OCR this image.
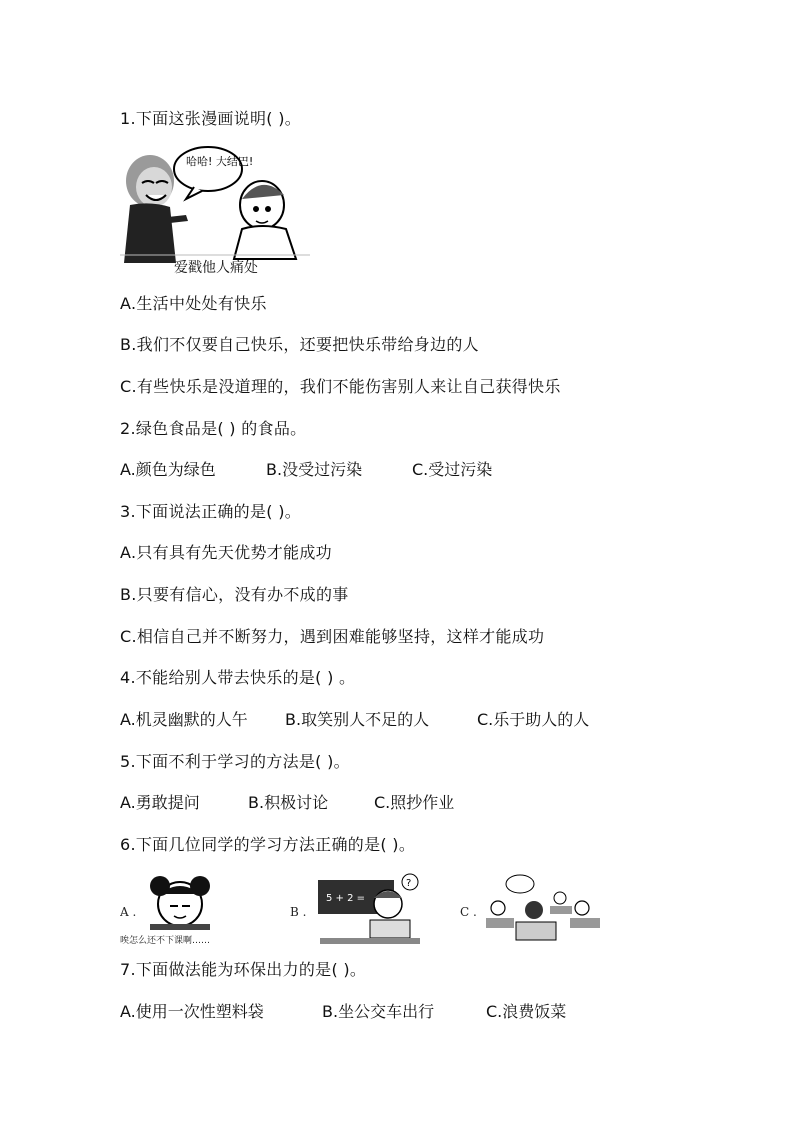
1.下面这张漫画说明( )。
哈哈! 大结巴!
爱戳他人痛处
A.生活中处处有快乐
B.我们不仅要自己快乐，还要把快乐带给身边的人
C.有些快乐是没道理的，我们不能伤害别人来让自己获得快乐
2.绿色食品是( ) 的食品。
A.颜色为绿色	B.没受过污染	C.受过污染
3.下面说法正确的是( )。
A.只有具有先天优势才能成功
B.只要有信心，没有办不成的事
C.相信自己并不断努力，遇到困难能够坚持，这样才能成功
4.不能给别人带去快乐的是( ) 。
A.机灵幽默的人午 B.取笑别人不足的人	C.乐于助人的人
5.下面不利于学习的方法是( )。
A.勇敢提问	B.积极讨论	C.照抄作业
6.下面几位同学的学习方法正确的是( )。
A .
唉怎么还不下课啊……
B .
5 + 2 =
?
C .
7.下面做法能为环保出力的是( )。
A.使用一次性塑料袋	B.坐公交车出行	C.浪费饭菜
